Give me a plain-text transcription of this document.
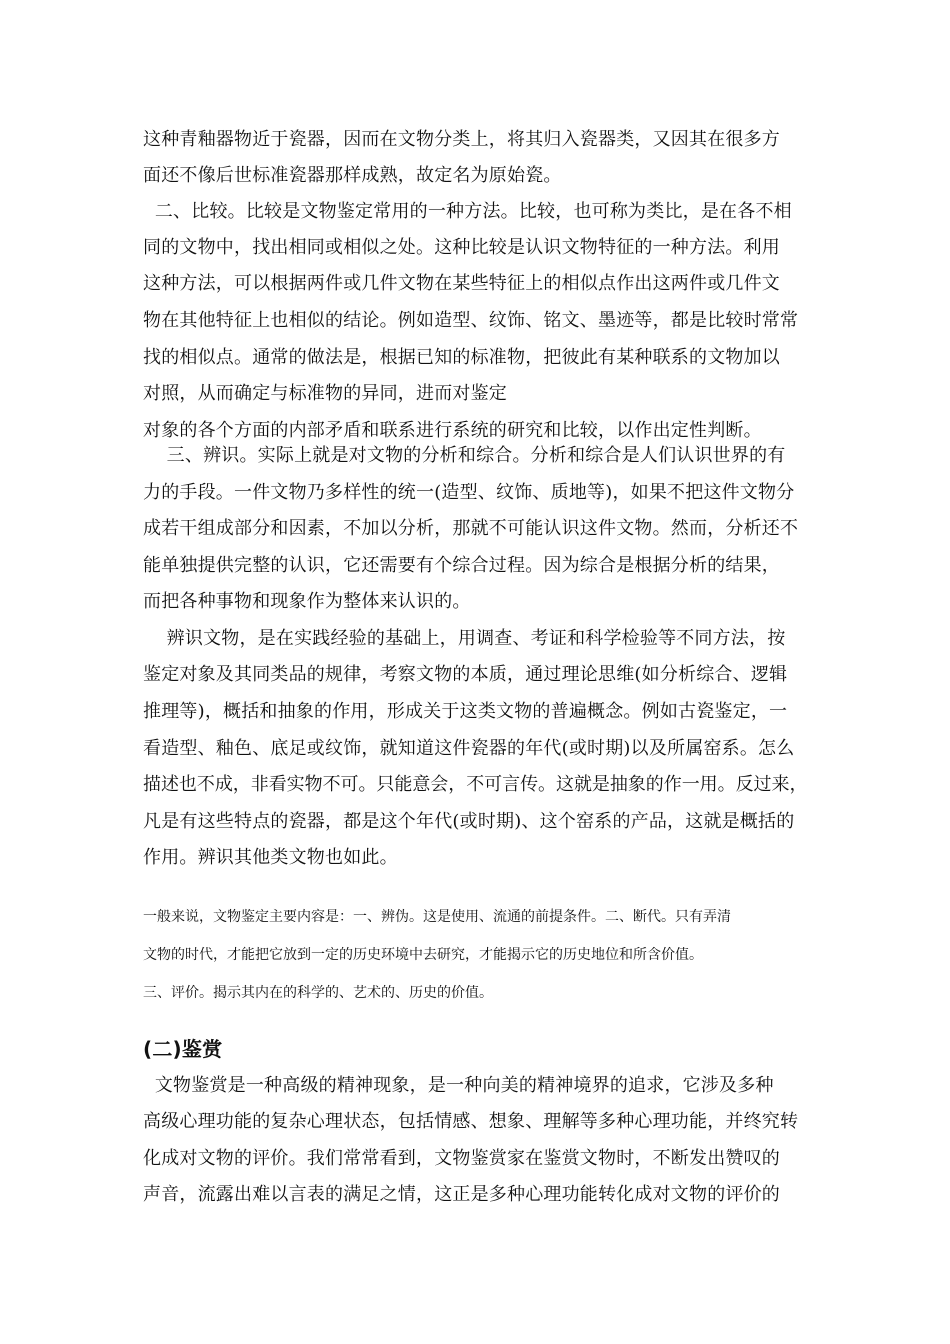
这种青釉器物近于瓷器，因而在文物分类上，将其归入瓷器类，又因其在很多方
面还不像后世标准瓷器那样成熟，故定名为原始瓷。
二、比较。比较是文物鉴定常用的一种方法。比较，也可称为类比，是在各不相
同的文物中，找出相同或相似之处。这种比较是认识文物特征的一种方法。利用
这种方法，可以根据两件或几件文物在某些特征上的相似点作出这两件或几件文
物在其他特征上也相似的结论。例如造型、纹饰、铭文、墨迹等，都是比较时常常
找的相似点。通常的做法是，根据已知的标准物，把彼此有某种联系的文物加以
对照，从而确定与标准物的异同，进而对鉴定
对象的各个方面的内部矛盾和联系进行系统的研究和比较，以作出定性判断。
三、辨识。实际上就是对文物的分析和综合。分析和综合是人们认识世界的有
力的手段。一件文物乃多样性的统一(造型、纹饰、质地等)，如果不把这件文物分
成若干组成部分和因素，不加以分析，那就不可能认识这件文物。然而，分析还不
能单独提供完整的认识，它还需要有个综合过程。因为综合是根据分析的结果，
而把各种事物和现象作为整体来认识的。
辨识文物，是在实践经验的基础上，用调查、考证和科学检验等不同方法，按
鉴定对象及其同类品的规律，考察文物的本质，通过理论思维(如分析综合、逻辑
推理等)，概括和抽象的作用，形成关于这类文物的普遍概念。例如古瓷鉴定，一
看造型、釉色、底足或纹饰，就知道这件瓷器的年代(或时期)以及所属窑系。怎么
描述也不成，非看实物不可。只能意会，不可言传。这就是抽象的作一用。反过来，
凡是有这些特点的瓷器，都是这个年代(或时期)、这个窑系的产品，这就是概括的
作用。辨识其他类文物也如此。
一般来说，文物鉴定主要内容是：一、辨伪。这是使用、流通的前提条件。二、断代。只有弄清
文物的时代，才能把它放到一定的历史环境中去研究，才能揭示它的历史地位和所含价值。
三、评价。揭示其内在的科学的、艺术的、历史的价值。
(二)鉴赏
文物鉴赏是一种高级的精神现象，是一种向美的精神境界的追求，它涉及多种
高级心理功能的复杂心理状态，包括情感、想象、理解等多种心理功能，并终究转
化成对文物的评价。我们常常看到，文物鉴赏家在鉴赏文物时，不断发出赞叹的
声音，流露出难以言表的满足之情，这正是多种心理功能转化成对文物的评价的
